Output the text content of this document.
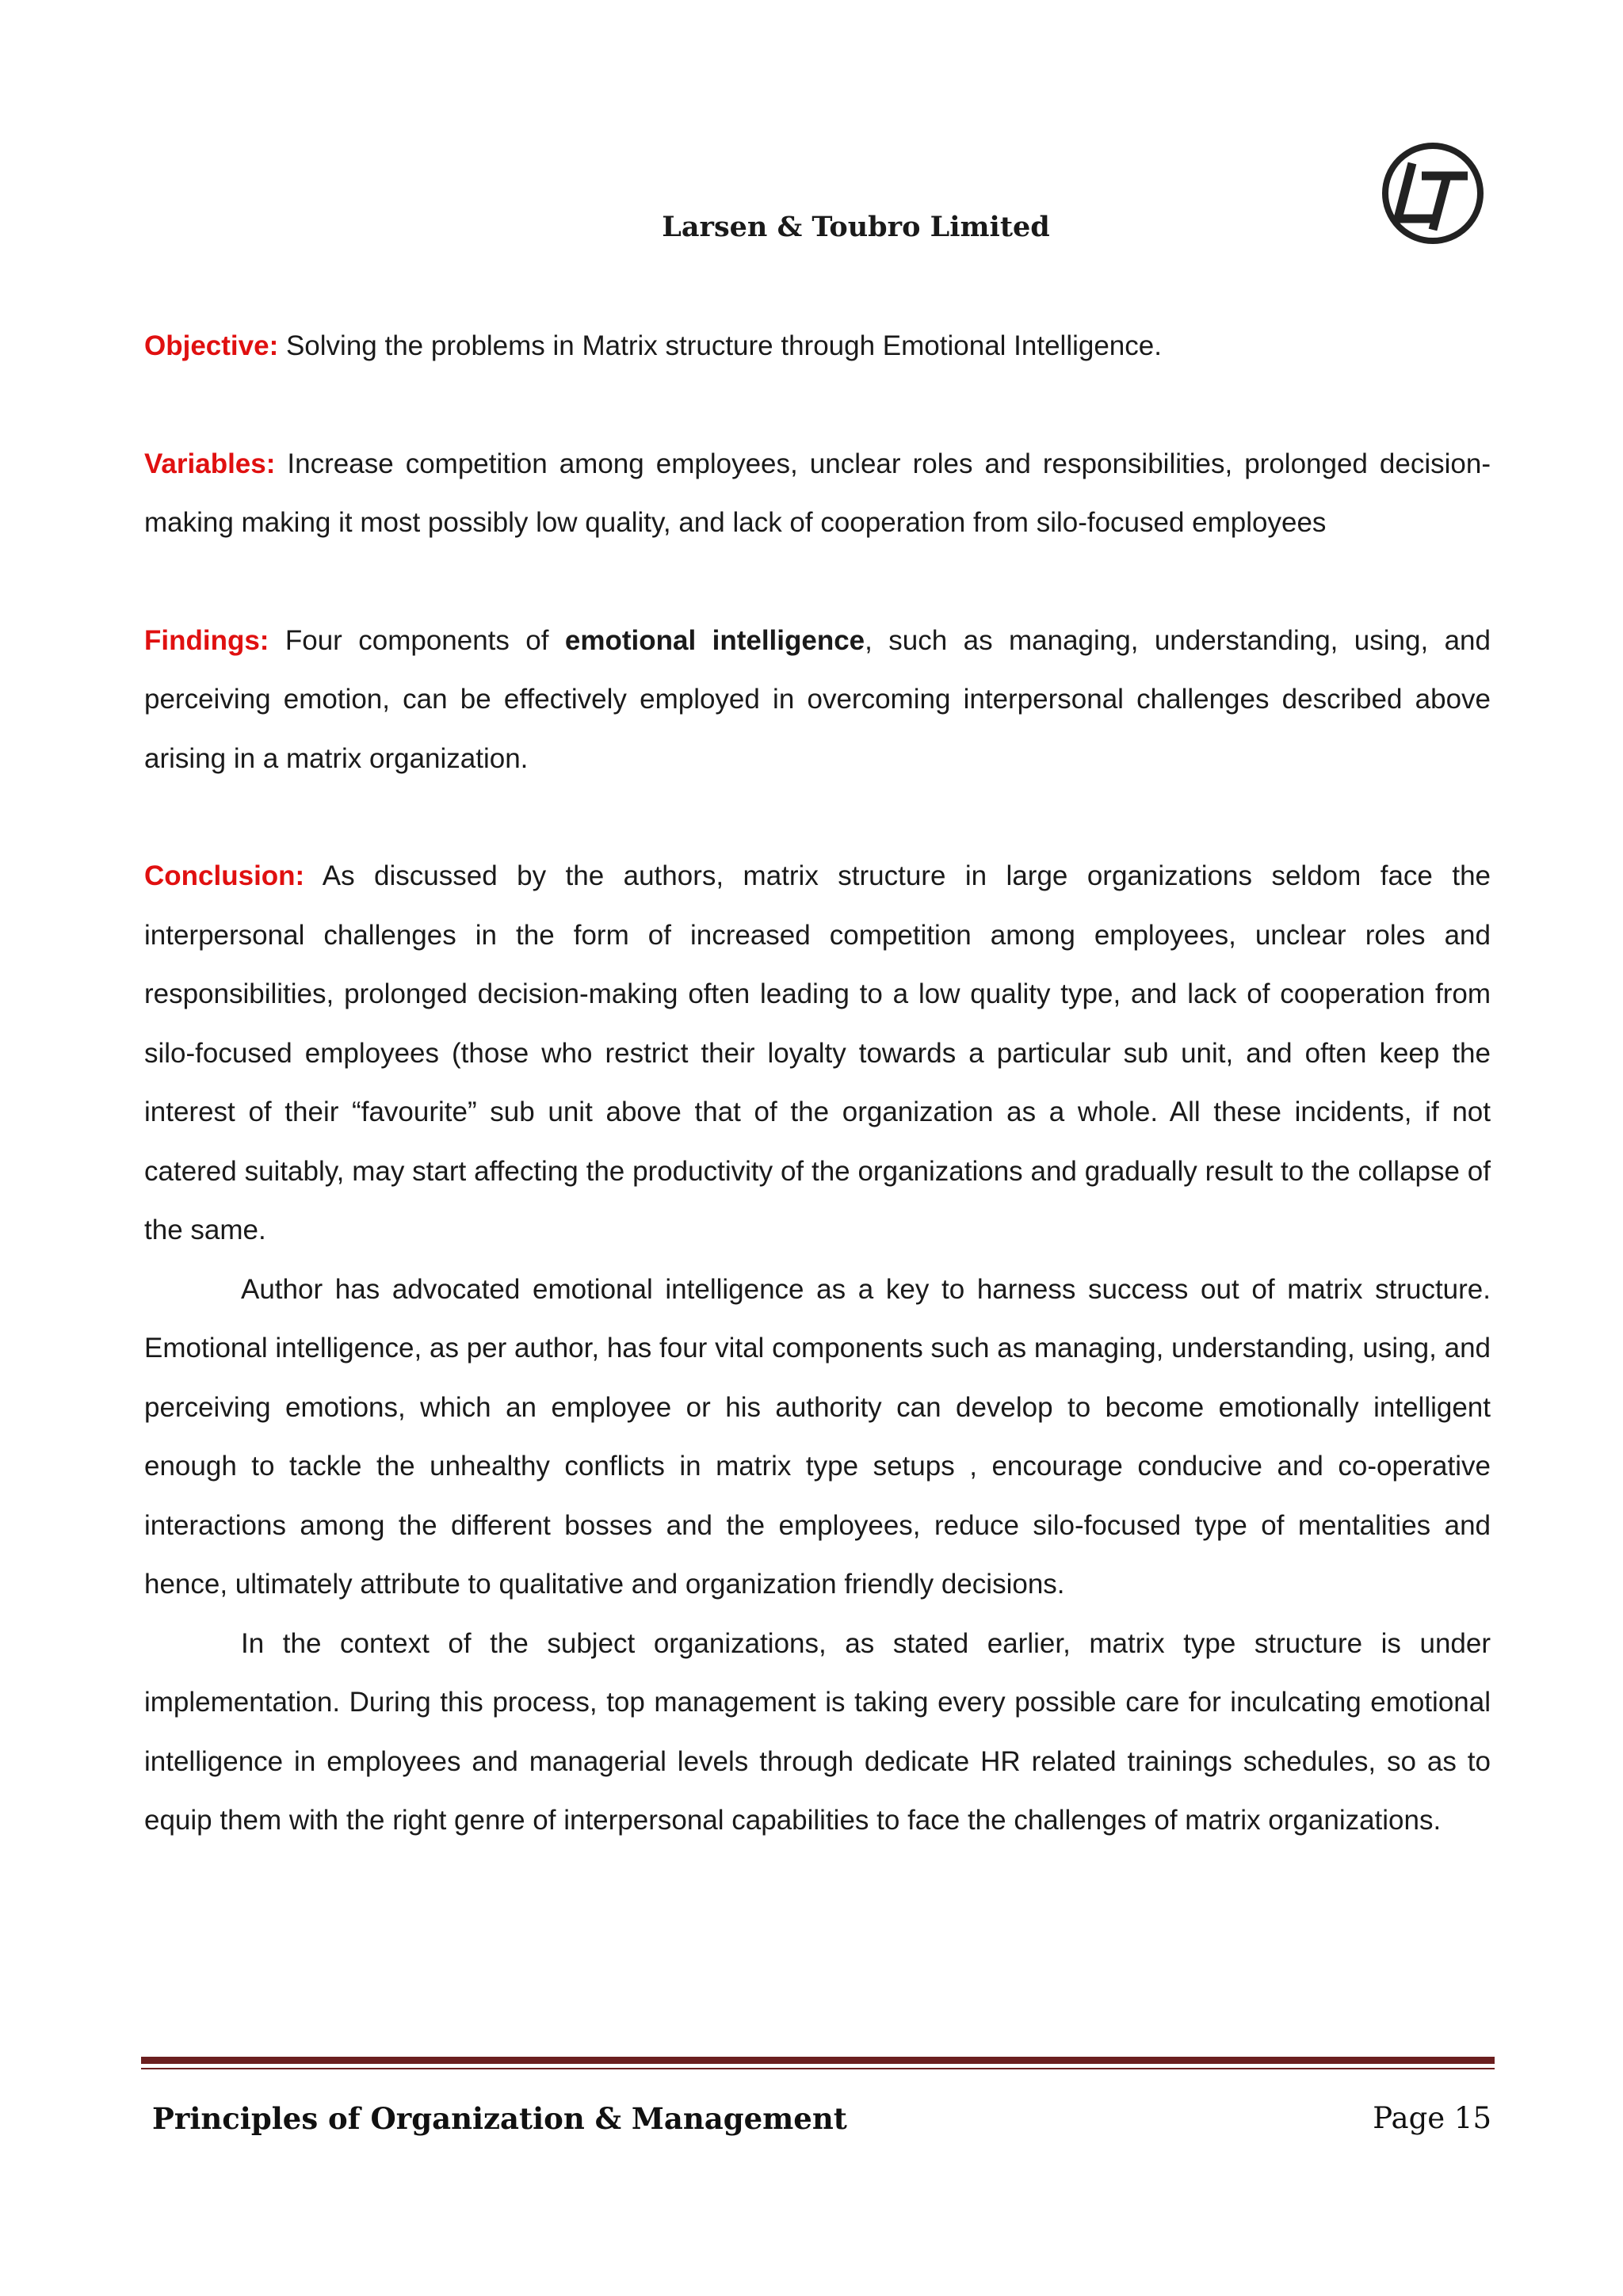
Larsen & Toubro Limited

Objective: Solving the problems in Matrix structure through Emotional Intelligence.

Variables: Increase competition among employees, unclear roles and responsibilities, prolonged decision-making making it most possibly low quality, and lack of cooperation from silo-focused employees

Findings: Four components of emotional intelligence, such as managing, understanding, using, and perceiving emotion, can be effectively employed in overcoming interpersonal challenges described above arising in a matrix organization.

Conclusion: As discussed by the authors, matrix structure in large organizations seldom face the interpersonal challenges in the form of increased competition among employees, unclear roles and responsibilities, prolonged decision-making often leading to a low quality type, and lack of cooperation from silo-focused employees (those who restrict their loyalty towards a particular sub unit, and often keep the interest of their “favourite” sub unit above that of the organization as a whole. All these incidents, if not catered suitably, may start affecting the productivity of the organizations and gradually result to the collapse of the same.

Author has advocated emotional intelligence as a key to harness success out of matrix structure. Emotional intelligence, as per author, has four vital components such as managing, understanding, using, and perceiving emotions, which an employee or his authority can develop to become emotionally intelligent enough to tackle the unhealthy conflicts in matrix type setups , encourage conducive and co-operative interactions among the different bosses and the employees, reduce silo-focused type of mentalities and hence, ultimately attribute to qualitative and organization friendly decisions.

In the context of the subject organizations, as stated earlier, matrix type structure is under implementation. During this process, top management is taking every possible care for inculcating emotional intelligence in employees and managerial levels through dedicate HR related trainings schedules, so as to equip them with the right genre of interpersonal capabilities to face the challenges of matrix organizations.

Principles of Organization & Management	Page 15
